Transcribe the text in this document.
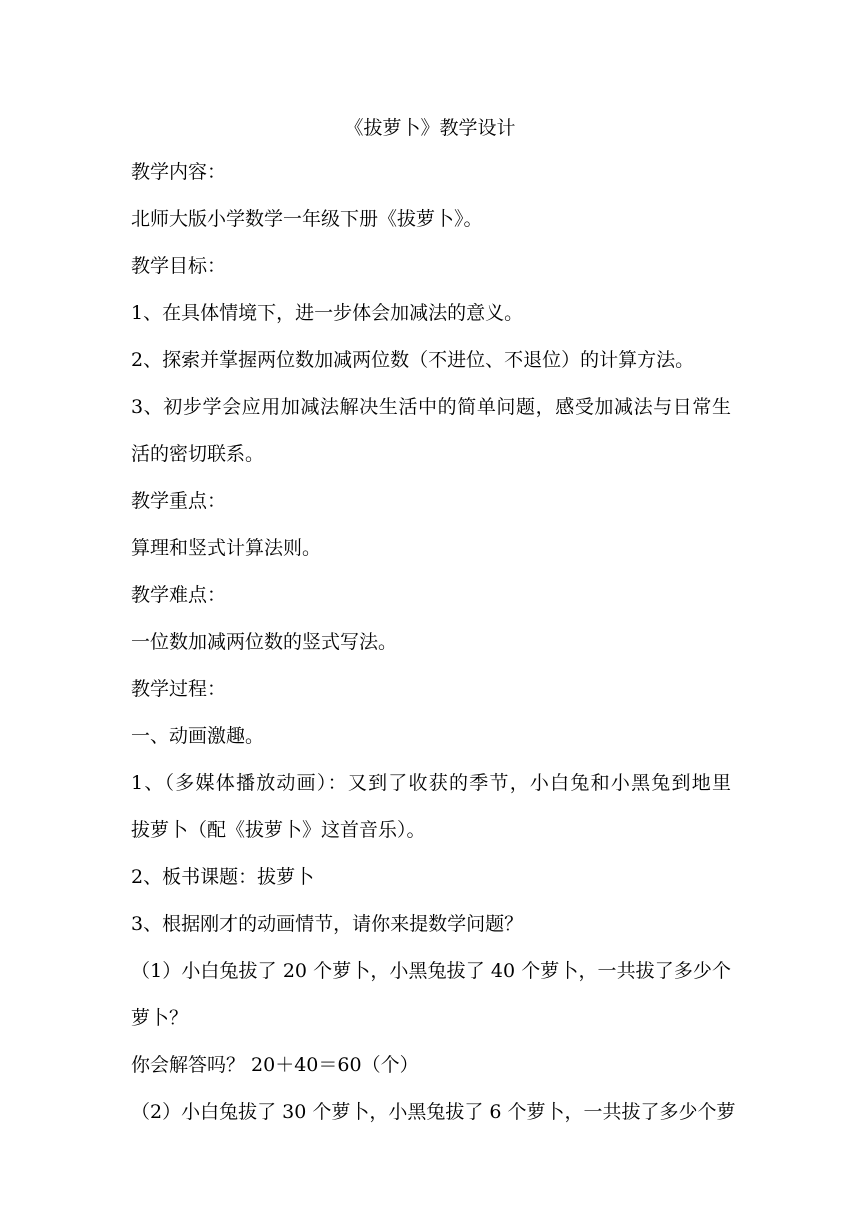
《拔萝卜》教学设计
教学内容：
北师大版小学数学一年级下册《拔萝卜》。
教学目标：
1、在具体情境下，进一步体会加减法的意义。
2、探索并掌握两位数加减两位数（不进位、不退位）的计算方法。
3、初步学会应用加减法解决生活中的简单问题，感受加减法与日常生
活的密切联系。
教学重点：
算理和竖式计算法则。
教学难点：
一位数加减两位数的竖式写法。
教学过程：
一、动画激趣。
1、（多媒体播放动画）：又到了收获的季节，小白兔和小黑兔到地里
拔萝卜（配《拔萝卜》这首音乐）。
2、板书课题：拔萝卜
3、根据刚才的动画情节，请你来提数学问题？
（1）小白兔拔了 20 个萝卜，小黑兔拔了 40 个萝卜，一共拔了多少个
萝卜？
你会解答吗？ 20＋40＝60（个）
（2）小白兔拔了 30 个萝卜，小黑兔拔了 6 个萝卜，一共拔了多少个萝
